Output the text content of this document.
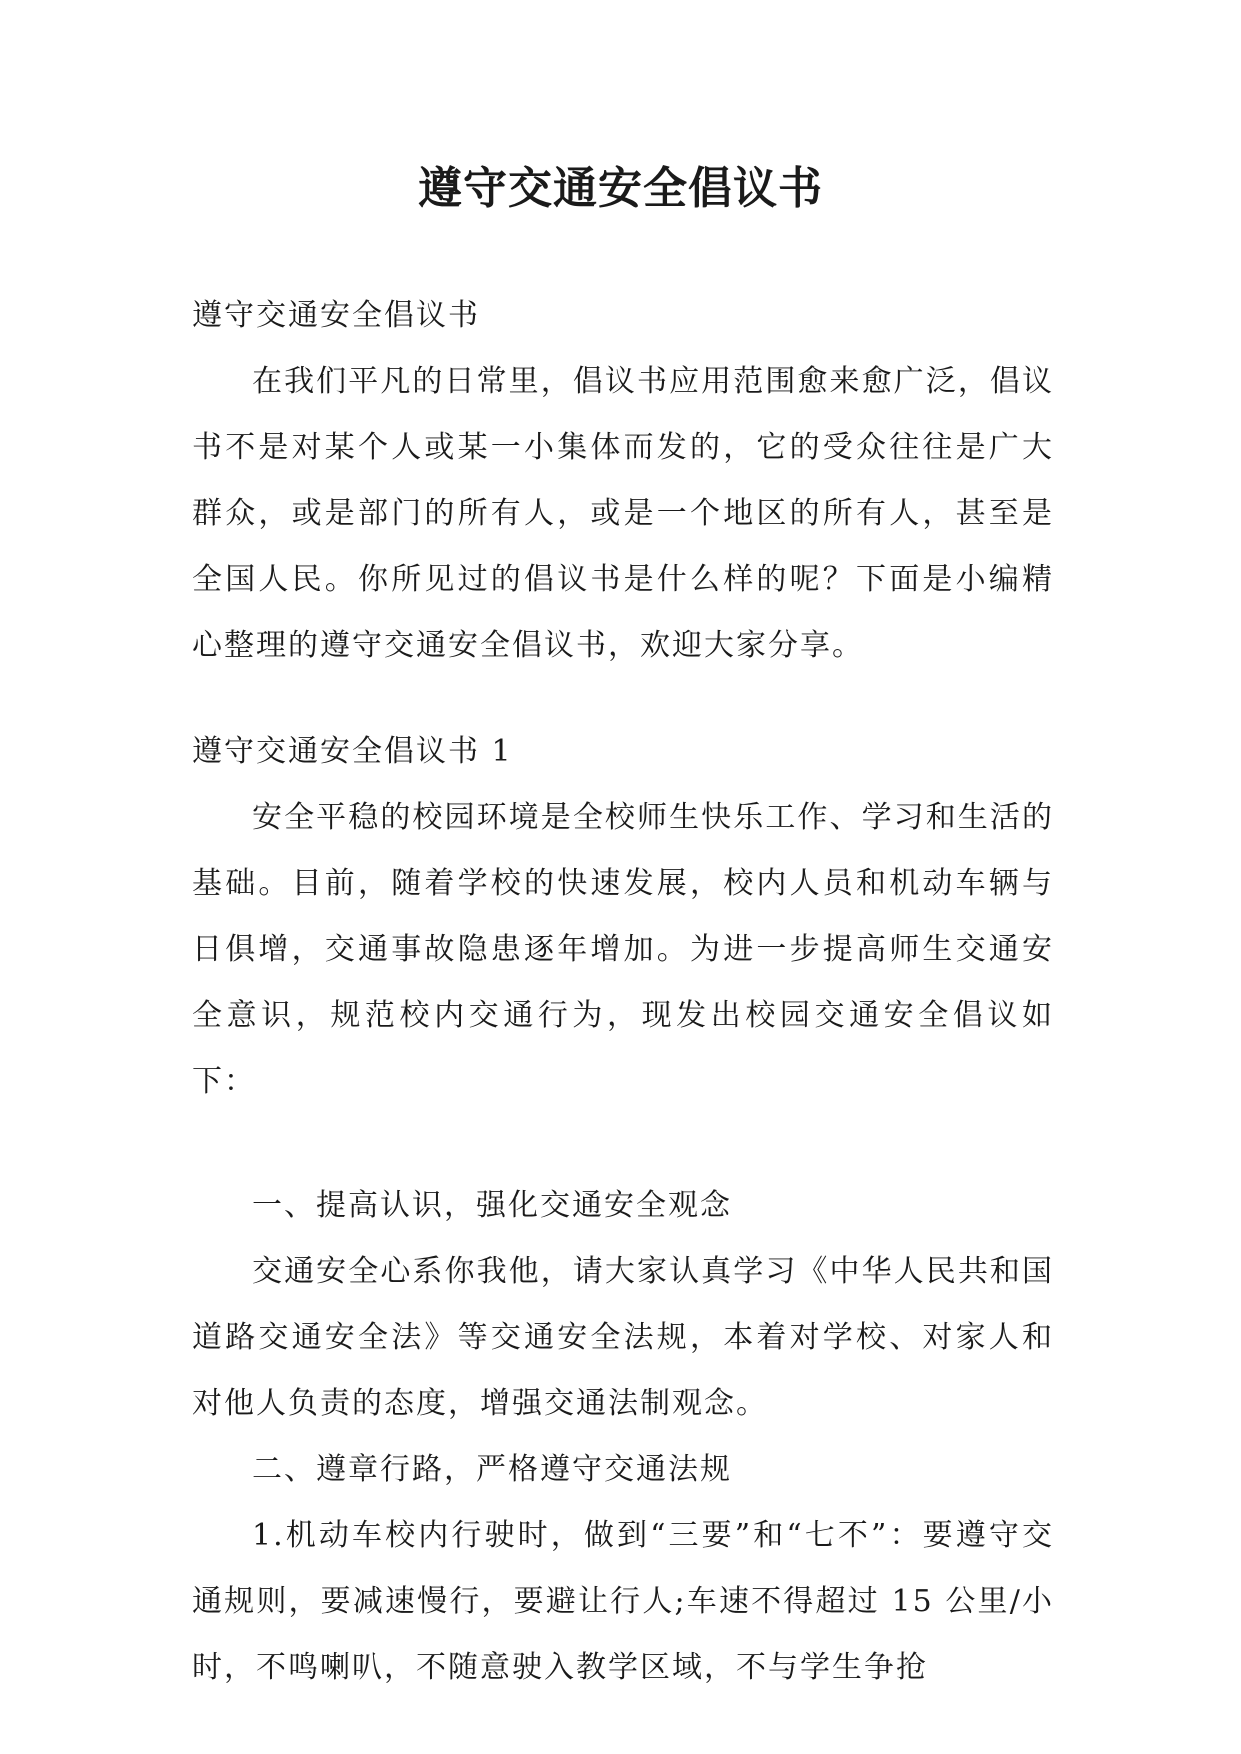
遵守交通安全倡议书

遵守交通安全倡议书

在我们平凡的日常里，倡议书应用范围愈来愈广泛，倡议书不是对某个人或某一小集体而发的，它的受众往往是广大群众，或是部门的所有人，或是一个地区的所有人，甚至是全国人民。你所见过的倡议书是什么样的呢？下面是小编精心整理的遵守交通安全倡议书，欢迎大家分享。

遵守交通安全倡议书 1

安全平稳的校园环境是全校师生快乐工作、学习和生活的基础。目前，随着学校的快速发展，校内人员和机动车辆与日俱增，交通事故隐患逐年增加。为进一步提高师生交通安全意识，规范校内交通行为，现发出校园交通安全倡议如下：

一、提高认识，强化交通安全观念

交通安全心系你我他，请大家认真学习《中华人民共和国道路交通安全法》等交通安全法规，本着对学校、对家人和对他人负责的态度，增强交通法制观念。

二、遵章行路，严格遵守交通法规

1.机动车校内行驶时，做到“三要”和“七不”：要遵守交通规则，要减速慢行，要避让行人;车速不得超过 15 公里/小时，不鸣喇叭，不随意驶入教学区域，不与学生争抢
